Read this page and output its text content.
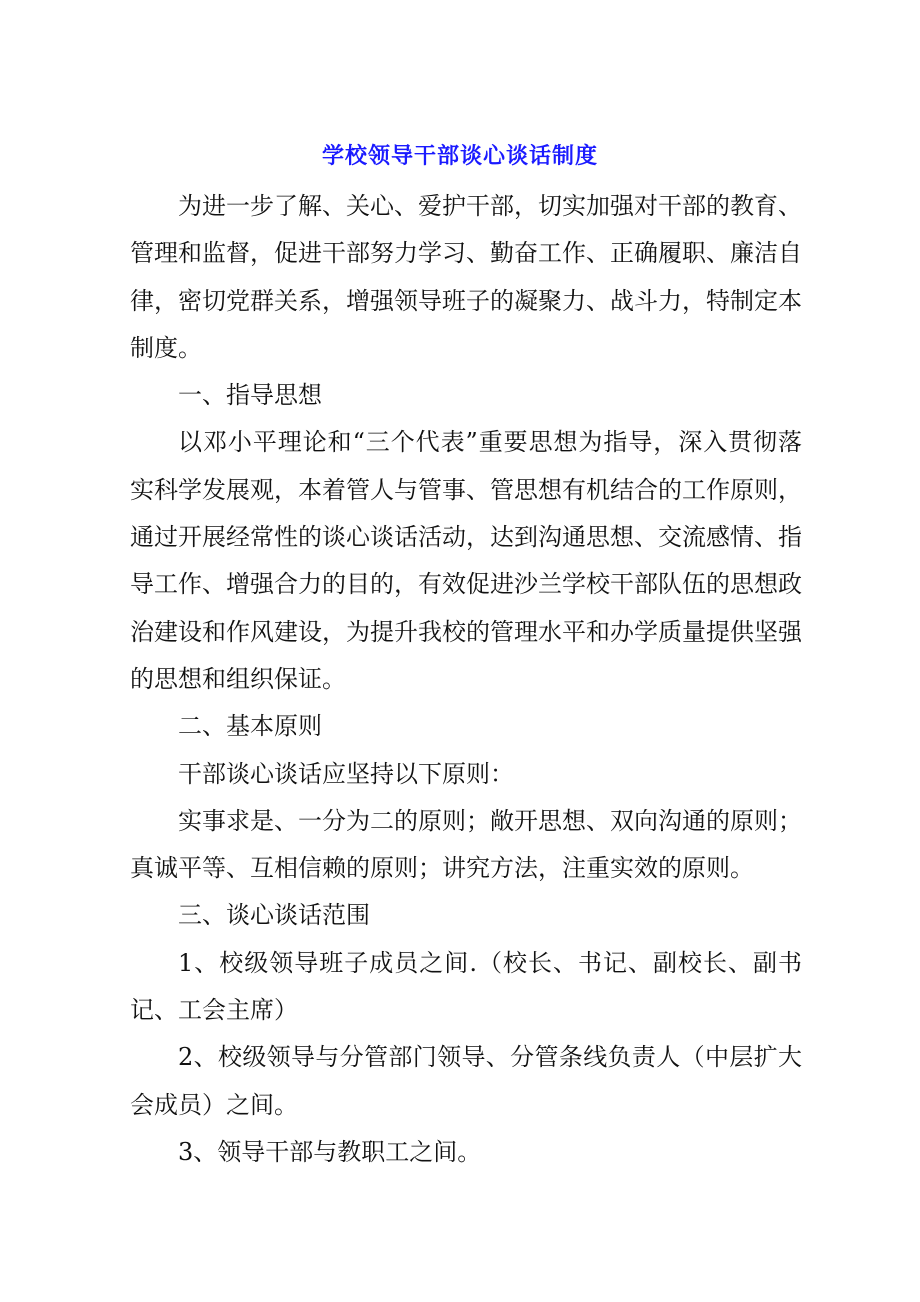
学校领导干部谈心谈话制度

为进一步了解、关心、爱护干部，切实加强对干部的教育、管理和监督，促进干部努力学习、勤奋工作、正确履职、廉洁自律，密切党群关系，增强领导班子的凝聚力、战斗力，特制定本制度。

一、指导思想

以邓小平理论和“三个代表”重要思想为指导，深入贯彻落实科学发展观，本着管人与管事、管思想有机结合的工作原则，通过开展经常性的谈心谈话活动，达到沟通思想、交流感情、指导工作、增强合力的目的，有效促进沙兰学校干部队伍的思想政治建设和作风建设，为提升我校的管理水平和办学质量提供坚强的思想和组织保证。

二、基本原则

干部谈心谈话应坚持以下原则：

实事求是、一分为二的原则；敞开思想、双向沟通的原则；真诚平等、互相信赖的原则；讲究方法，注重实效的原则。

三、谈心谈话范围

1、校级领导班子成员之间.（校长、书记、副校长、副书记、工会主席）

2、校级领导与分管部门领导、分管条线负责人（中层扩大会成员）之间。

3、领导干部与教职工之间。
